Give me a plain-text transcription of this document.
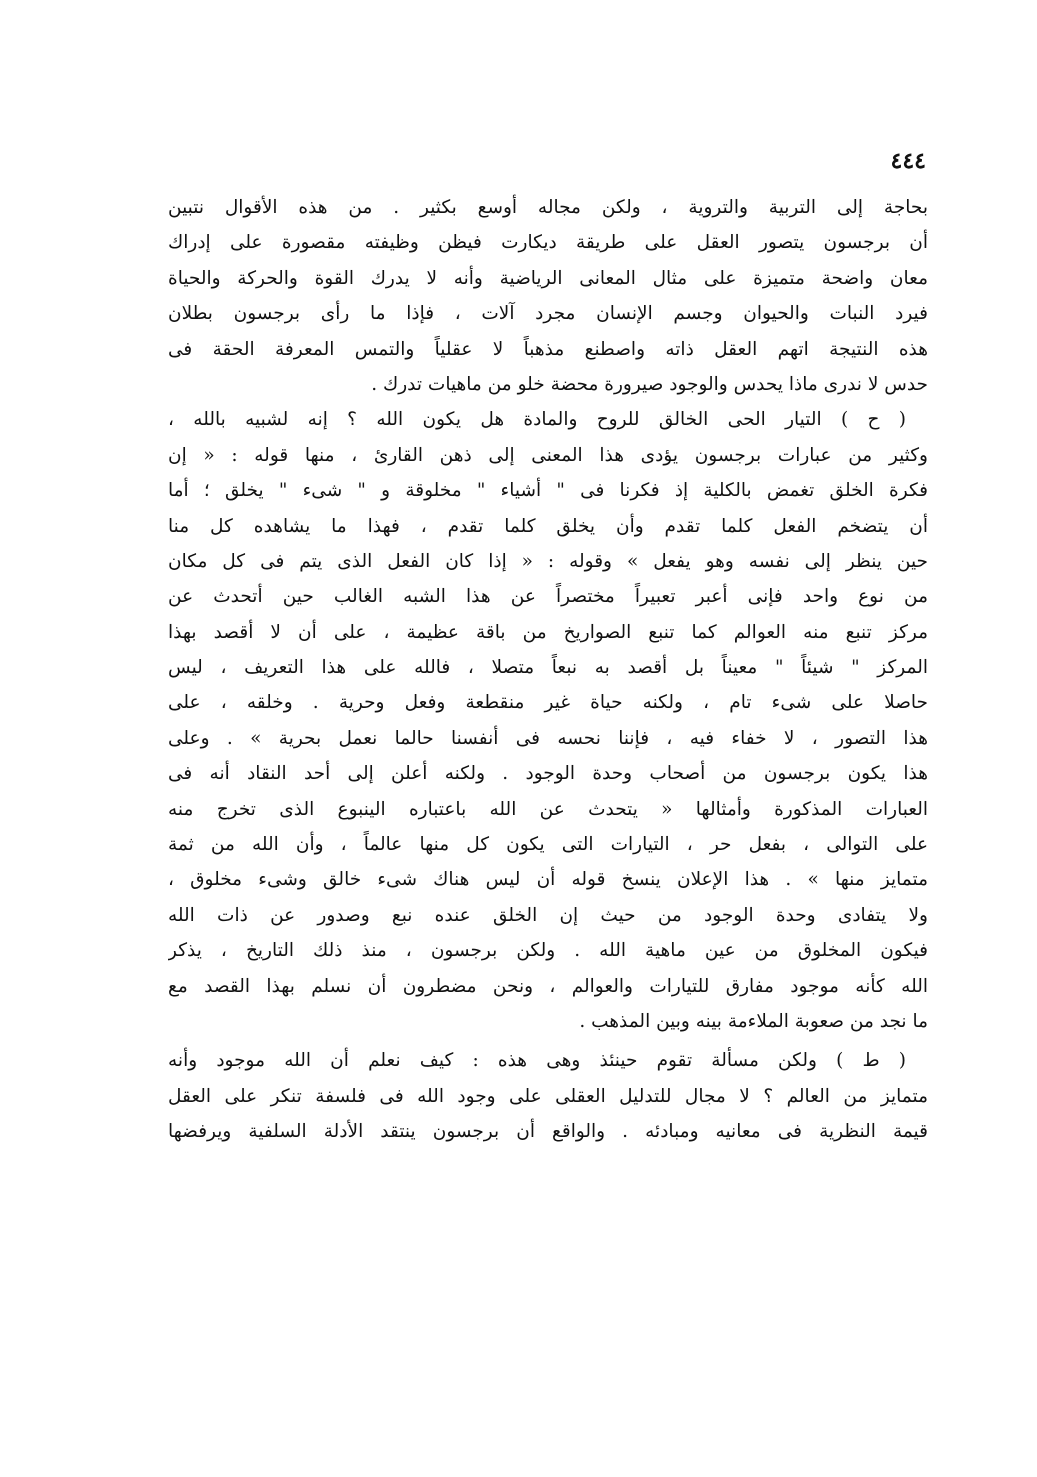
٤٤٤
بحاجة إلى التربية والتروية ، ولكن مجاله أوسع بكثير . من هذه الأقوال نتبين
أن برجسون يتصور العقل على طريقة ديكارت فيظن وظيفته مقصورة على إدراك
معان واضحة متميزة على مثال المعانى الرياضية وأنه لا يدرك القوة والحركة والحياة
فيرد النبات والحيوان وجسم الإنسان مجرد آلات ، فإذا ما رأى برجسون بطلان
هذه النتيجة اتهم العقل ذاته واصطنع مذهباً لا عقلياً والتمس المعرفة الحقة فى
حدس لا ندرى ماذا يحدس والوجود صيرورة محضة خلو من ماهيات تدرك .
( ح ) التيار الحى الخالق للروح والمادة هل يكون الله ؟ إنه لشبيه بالله ،
وكثير من عبارات برجسون يؤدى هذا المعنى إلى ذهن القارئ ، منها قوله : « إن
فكرة الخلق تغمض بالكلية إذ فكرنا فى " أشياء " مخلوقة و " شىء " يخلق ؛ أما
أن يتضخم الفعل كلما تقدم وأن يخلق كلما تقدم ، فهذا ما يشاهده كل منا
حين ينظر إلى نفسه وهو يفعل » وقوله : « إذا كان الفعل الذى يتم فى كل مكان
من نوع واحد فإنى أعبر تعبيراً مختصراً عن هذا الشبه الغالب حين أتحدث عن
مركز تنبع منه العوالم كما تنبع الصواريخ من باقة عظيمة ، على أن لا أقصد بهذا
المركز " شيئاً " معيناً بل أقصد به نبعاً متصلا ، فالله على هذا التعريف ، ليس
حاصلا على شىء تام ، ولكنه حياة غير منقطعة وفعل وحرية . وخلقه ، على
هذا التصور ، لا خفاء فيه ، فإننا نحسه فى أنفسنا حالما نعمل بحرية » . وعلى
هذا يكون برجسون من أصحاب وحدة الوجود . ولكنه أعلن إلى أحد النقاد أنه فى
العبارات المذكورة وأمثالها « يتحدث عن الله باعتباره الينبوع الذى تخرج منه
على التوالى ، بفعل حر ، التيارات التى يكون كل منها عالماً ، وأن الله من ثمة
متمايز منها » . هذا الإعلان ينسخ قوله أن ليس هناك شىء خالق وشىء مخلوق ،
ولا يتفادى وحدة الوجود من حيث إن الخلق عنده نبع وصدور عن ذات الله
فيكون المخلوق من عين ماهية الله . ولكن برجسون ، منذ ذلك التاريخ ، يذكر
الله كأنه موجود مفارق للتيارات والعوالم ، ونحن مضطرون أن نسلم بهذا القصد مع
ما نجد من صعوبة الملاءمة بينه وبين المذهب .
( ط ) ولكن مسألة تقوم حينئذ وهى هذه : كيف نعلم أن الله موجود وأنه
متمايز من العالم ؟ لا مجال للتدليل العقلى على وجود الله فى فلسفة تنكر على العقل
قيمة النظرية فى معانيه ومبادئه . والواقع أن برجسون ينتقد الأدلة السلفية ويرفضها
